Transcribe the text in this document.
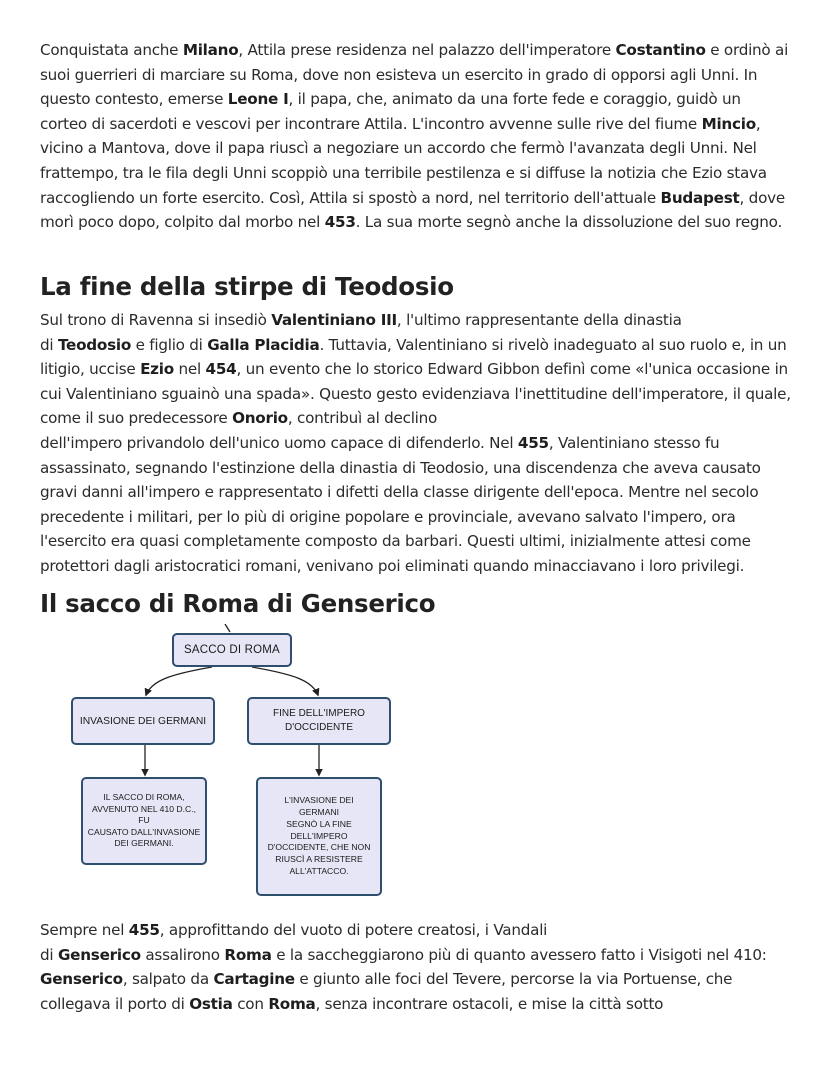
Conquistata anche Milano, Attila prese residenza nel palazzo dell'imperatore Costantino e ordinò ai suoi guerrieri di marciare su Roma, dove non esisteva un esercito in grado di opporsi agli Unni. In questo contesto, emerse Leone I, il papa, che, animato da una forte fede e coraggio, guidò un corteo di sacerdoti e vescovi per incontrare Attila. L'incontro avvenne sulle rive del fiume Mincio, vicino a Mantova, dove il papa riuscì a negoziare un accordo che fermò l'avanzata degli Unni. Nel frattempo, tra le fila degli Unni scoppiò una terribile pestilenza e si diffuse la notizia che Ezio stava raccogliendo un forte esercito. Così, Attila si spostò a nord, nel territorio dell'attuale Budapest, dove morì poco dopo, colpito dal morbo nel 453. La sua morte segnò anche la dissoluzione del suo regno.

La fine della stirpe di Teodosio

Sul trono di Ravenna si insediò Valentiniano III, l'ultimo rappresentante della dinastia
di Teodosio e figlio di Galla Placidia. Tuttavia, Valentiniano si rivelò inadeguato al suo ruolo e, in un litigio, uccise Ezio nel 454, un evento che lo storico Edward Gibbon definì come «l'unica occasione in cui Valentiniano sguainò una spada». Questo gesto evidenziava l'inettitudine dell'imperatore, il quale, come il suo predecessore Onorio, contribuì al declino
dell'impero privandolo dell'unico uomo capace di difenderlo. Nel 455, Valentiniano stesso fu assassinato, segnando l'estinzione della dinastia di Teodosio, una discendenza che aveva causato gravi danni all'impero e rappresentato i difetti della classe dirigente dell'epoca. Mentre nel secolo precedente i militari, per lo più di origine popolare e provinciale, avevano salvato l'impero, ora l'esercito era quasi completamente composto da barbari. Questi ultimi, inizialmente attesi come protettori dagli aristocratici romani, venivano poi eliminati quando minacciavano i loro privilegi.

Il sacco di Roma di Genserico
SACCO DI ROMA
INVASIONE DEI GERMANI
FINE DELL'IMPERO
D'OCCIDENTE
IL SACCO DI ROMA,
AVVENUTO NEL 410 D.C., FU
CAUSATO DALL'INVASIONE
DEI GERMANI.
L'INVASIONE DEI GERMANI
SEGNÒ LA FINE
DELL'IMPERO
D'OCCIDENTE, CHE NON
RIUSCÌ A RESISTERE
ALL'ATTACCO.

Sempre nel 455, approfittando del vuoto di potere creatosi, i Vandali
di Genserico assalirono Roma e la saccheggiarono più di quanto avessero fatto i Visigoti nel 410: Genserico, salpato da Cartagine e giunto alle foci del Tevere, percorse la via Portuense, che collegava il porto di Ostia con Roma, senza incontrare ostacoli, e mise la città sotto
